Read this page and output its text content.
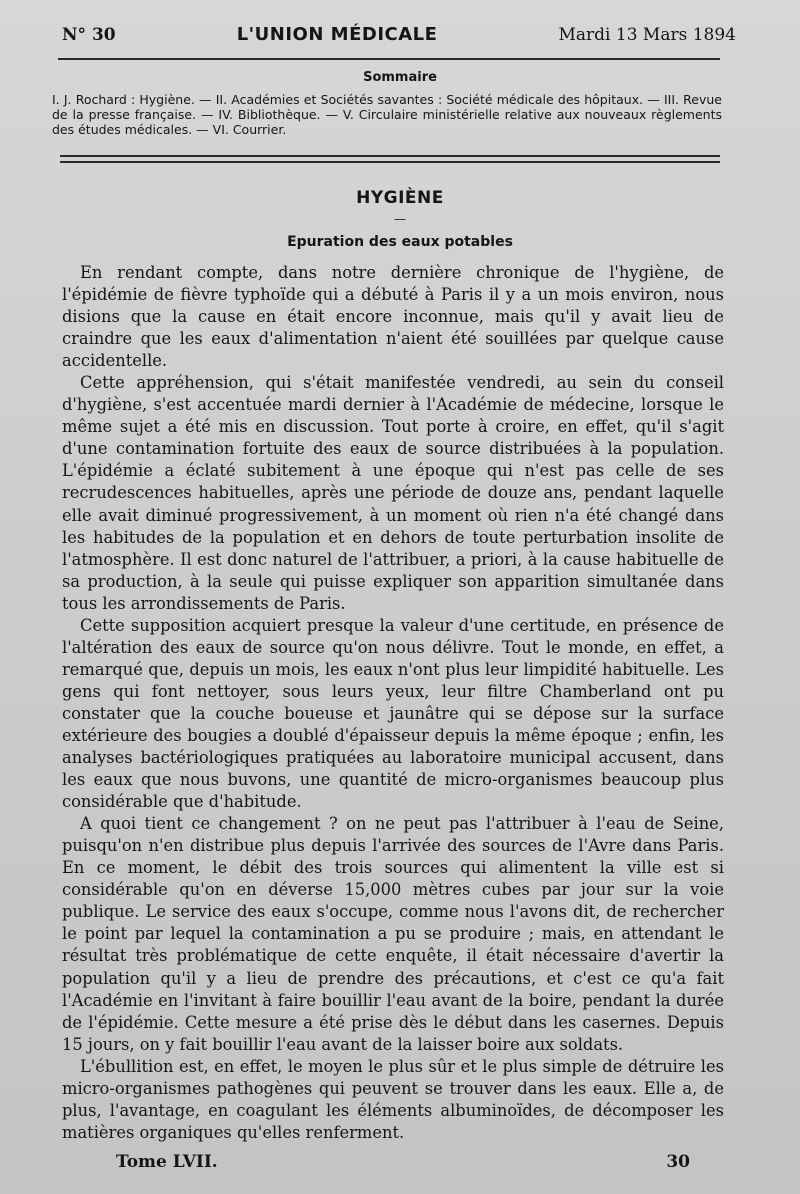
N° 30	L'UNION MÉDICALE	Mardi 13 Mars 1894
Sommaire
I. J. Rochard : Hygiène. — II. Académies et Sociétés savantes : Société médicale des hôpitaux. — III. Revue de la presse française. — IV. Bibliothèque. — V. Circulaire ministérielle relative aux nouveaux règlements des études médicales. — VI. Courrier.
HYGIÈNE
—
Epuration des eaux potables

En rendant compte, dans notre dernière chronique de l'hygiène, de l'épidémie de fièvre typhoïde qui a débuté à Paris il y a un mois environ, nous disions que la cause en était encore inconnue, mais qu'il y avait lieu de craindre que les eaux d'alimentation n'aient été souillées par quelque cause accidentelle.

Cette appréhension, qui s'était manifestée vendredi, au sein du conseil d'hygiène, s'est accentuée mardi dernier à l'Académie de médecine, lorsque le même sujet a été mis en discussion. Tout porte à croire, en effet, qu'il s'agit d'une contamination fortuite des eaux de source distribuées à la population. L'épidémie a éclaté subitement à une époque qui n'est pas celle de ses recrudescences habituelles, après une période de douze ans, pendant laquelle elle avait diminué progressivement, à un moment où rien n'a été changé dans les habitudes de la population et en dehors de toute perturbation insolite de l'atmosphère. Il est donc naturel de l'attribuer, a priori, à la cause habituelle de sa production, à la seule qui puisse expliquer son apparition simultanée dans tous les arrondissements de Paris.

Cette supposition acquiert presque la valeur d'une certitude, en présence de l'altération des eaux de source qu'on nous délivre. Tout le monde, en effet, a remarqué que, depuis un mois, les eaux n'ont plus leur limpidité habituelle. Les gens qui font nettoyer, sous leurs yeux, leur filtre Chamberland ont pu constater que la couche boueuse et jaunâtre qui se dépose sur la surface extérieure des bougies a doublé d'épaisseur depuis la même époque ; enfin, les analyses bactériologiques pratiquées au laboratoire municipal accusent, dans les eaux que nous buvons, une quantité de micro-organismes beaucoup plus considérable que d'habitude.

A quoi tient ce changement ? on ne peut pas l'attribuer à l'eau de Seine, puisqu'on n'en distribue plus depuis l'arrivée des sources de l'Avre dans Paris. En ce moment, le débit des trois sources qui alimentent la ville est si considérable qu'on en déverse 15,000 mètres cubes par jour sur la voie publique. Le service des eaux s'occupe, comme nous l'avons dit, de rechercher le point par lequel la contamination a pu se produire ; mais, en attendant le résultat très problématique de cette enquête, il était nécessaire d'avertir la population qu'il y a lieu de prendre des précautions, et c'est ce qu'a fait l'Académie en l'invitant à faire bouillir l'eau avant de la boire, pendant la durée de l'épidémie. Cette mesure a été prise dès le début dans les casernes. Depuis 15 jours, on y fait bouillir l'eau avant de la laisser boire aux soldats.

L'ébullition est, en effet, le moyen le plus sûr et le plus simple de détruire les micro-organismes pathogènes qui peuvent se trouver dans les eaux. Elle a, de plus, l'avantage, en coagulant les éléments albuminoïdes, de décomposer les matières organiques qu'elles renferment.

Tome LVII.	30
